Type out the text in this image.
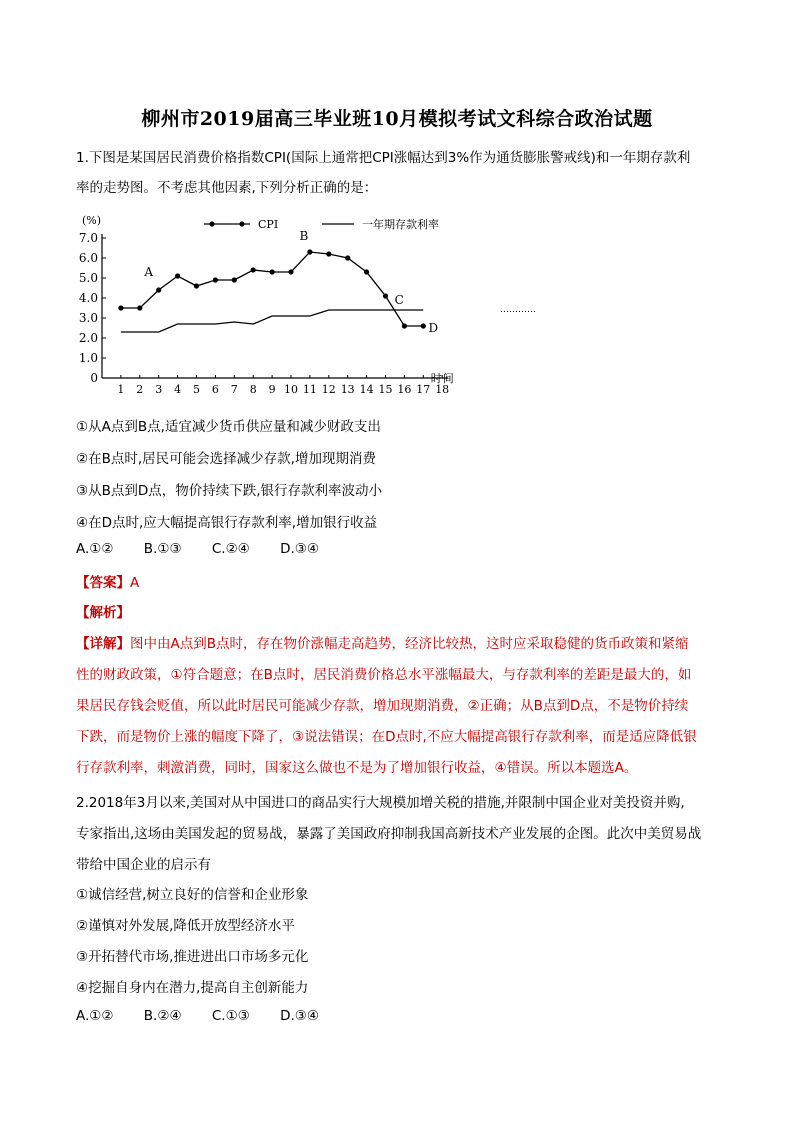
柳州市2019届高三毕业班10月模拟考试文科综合政治试题
1.下图是某国居民消费价格指数CPI(国际上通常把CPI涨幅达到3%作为通货膨胀警戒线)和一年期存款利
率的走势图。不考虑其他因素,下列分析正确的是：
(%)
0
1.0
2.0
3.0
4.0
5.0
6.0
7.0
1 2 3 4 5 6 7 8 9 10 11 12 13 14 15 16 17 18
时 间
CPI	一年期存款利率
A
B
C
D
…………
①从A点到B点,适宜减少货币供应量和减少财政支出
②在B点时,居民可能会选择减少存款,增加现期消费
③从B点到D点，物价持续下跌,银行存款利率波动小
④在D点时,应大幅提高银行存款利率,增加银行收益
A.①② B.①③ C.②④ D.③④
【答案】A
【解析】
【详解】图中由A点到B点时，存在物价涨幅走高趋势，经济比较热，这时应采取稳健的货币政策和紧缩
性的财政政策，①符合题意；在B点时，居民消费价格总水平涨幅最大，与存款利率的差距是最大的，如
果居民存钱会贬值，所以此时居民可能减少存款，增加现期消费，②正确；从B点到D点，不是物价持续
下跌，而是物价上涨的幅度下降了，③说法错误；在D点时,不应大幅提高银行存款利率，而是适应降低银
行存款利率，刺激消费，同时，国家这么做也不是为了增加银行收益，④错误。所以本题选A。
2.2018年3月以来,美国对从中国进口的商品实行大规模加增关税的措施,并限制中国企业对美投资并购,
专家指出,这场由美国发起的贸易战，暴露了美国政府抑制我国高新技术产业发展的企图。此次中美贸易战
带给中国企业的启示有
①诚信经营,树立良好的信誉和企业形象
②谨慎对外发展,降低开放型经济水平
③开拓替代市场,推进进出口市场多元化
④挖掘自身内在潜力,提高自主创新能力
A.①② B.②④ C.①③ D.③④
